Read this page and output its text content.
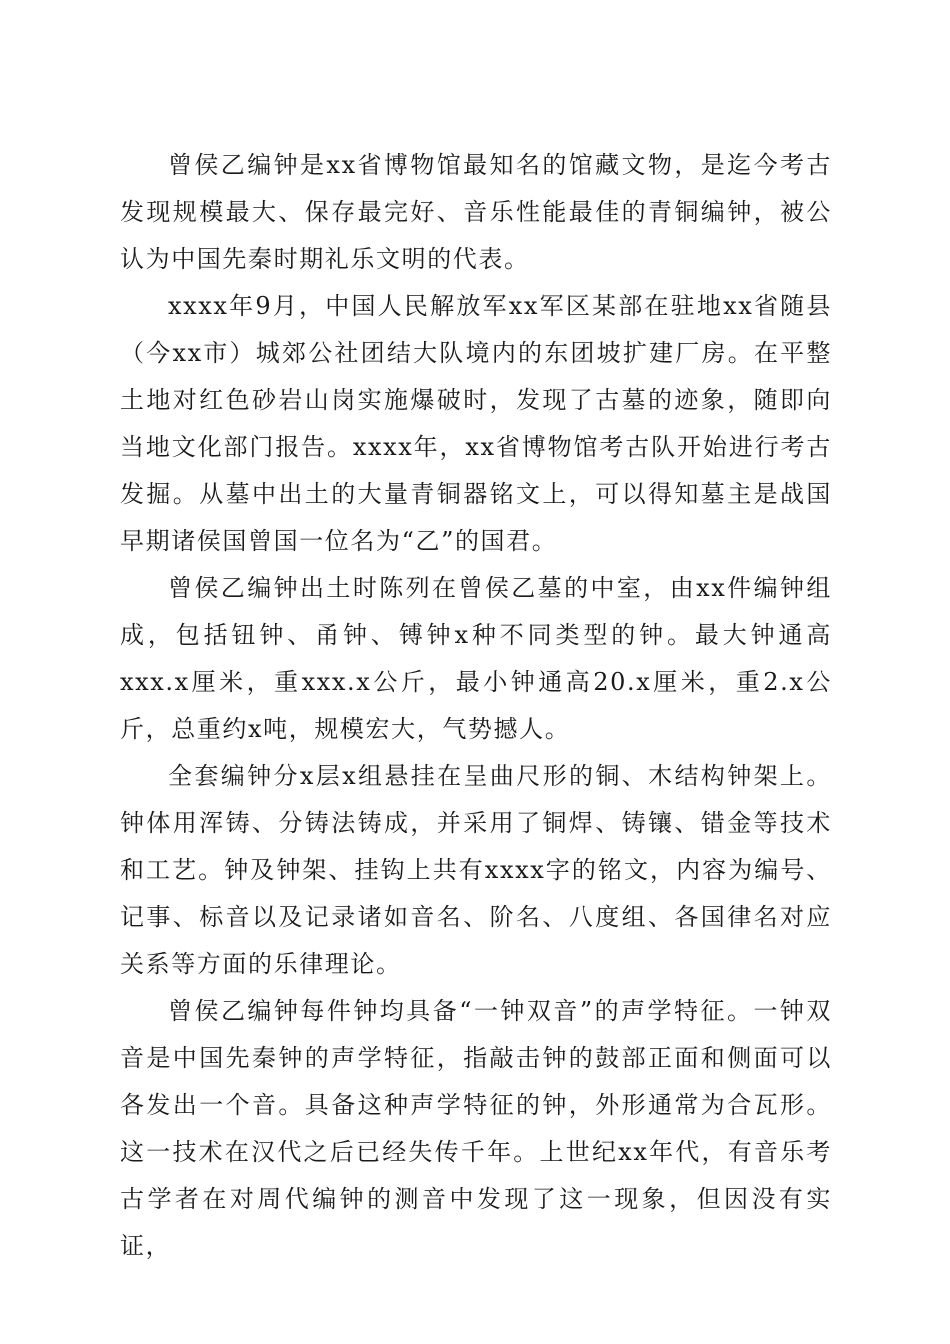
曾侯乙编钟是xx省博物馆最知名的馆藏文物，是迄今考古发现规模最大、保存最完好、音乐性能最佳的青铜编钟，被公认为中国先秦时期礼乐文明的代表。

xxxx年9月，中国人民解放军xx军区某部在驻地xx省随县（今xx市）城郊公社团结大队境内的东团坡扩建厂房。在平整土地对红色砂岩山岗实施爆破时，发现了古墓的迹象，随即向当地文化部门报告。xxxx年，xx省博物馆考古队开始进行考古发掘。从墓中出土的大量青铜器铭文上，可以得知墓主是战国早期诸侯国曾国一位名为“乙”的国君。

曾侯乙编钟出土时陈列在曾侯乙墓的中室，由xx件编钟组成，包括钮钟、甬钟、镈钟x种不同类型的钟。最大钟通高xxx.x厘米，重xxx.x公斤，最小钟通高20.x厘米，重2.x公斤，总重约x吨，规模宏大，气势撼人。

全套编钟分x层x组悬挂在呈曲尺形的铜、木结构钟架上。钟体用浑铸、分铸法铸成，并采用了铜焊、铸镶、错金等技术和工艺。钟及钟架、挂钩上共有xxxx字的铭文，内容为编号、记事、标音以及记录诸如音名、阶名、八度组、各国律名对应关系等方面的乐律理论。

曾侯乙编钟每件钟均具备“一钟双音”的声学特征。一钟双音是中国先秦钟的声学特征，指敲击钟的鼓部正面和侧面可以各发出一个音。具备这种声学特征的钟，外形通常为合瓦形。这一技术在汉代之后已经失传千年。上世纪xx年代，有音乐考古学者在对周代编钟的测音中发现了这一现象，但因没有实证，
